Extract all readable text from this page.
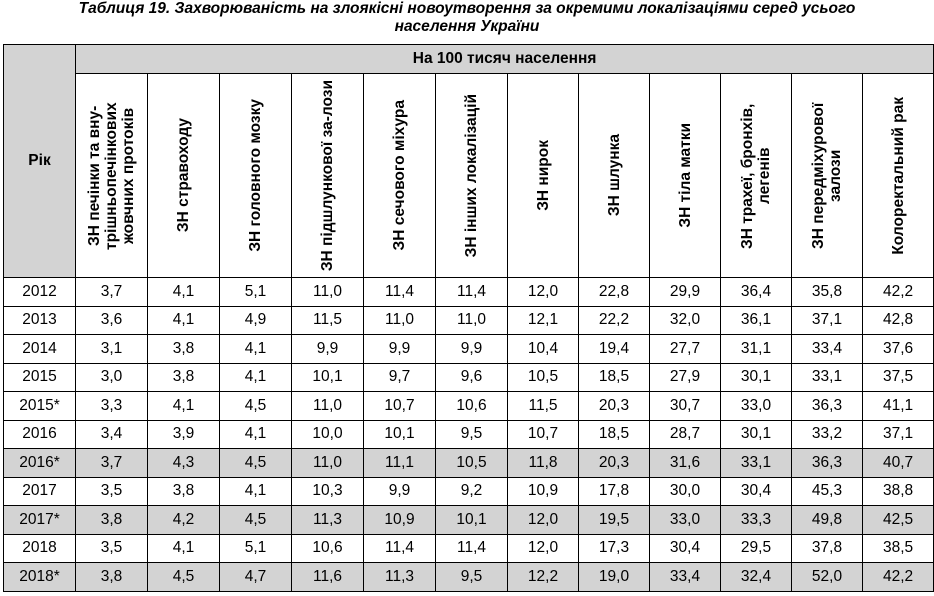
Таблиця 19. Захворюваність на злоякісні новоутворення за окремими локалізаціями серед усього
населення України
Рік	На 100 тисяч населення											

	ЗН печінки та вну-трішньопечінкових жовчних протоків	ЗН стравоходу	ЗН головного мозку	ЗН підшлункової за-лози	ЗН сечового міхура	ЗН інших локалізацій	ЗН нирок	ЗН шлунка	ЗН тіла матки	ЗН трахеї, бронхів, легенів	ЗН передміхурової залози	Колоректальний рак

2012	3,7	4,1	5,1	11,0	11,4	11,4	12,0	22,8	29,9	36,4	35,8	42,2
2013	3,6	4,1	4,9	11,5	11,0	11,0	12,1	22,2	32,0	36,1	37,1	42,8
2014	3,1	3,8	4,1	9,9	9,9	9,9	10,4	19,4	27,7	31,1	33,4	37,6
2015	3,0	3,8	4,1	10,1	9,7	9,6	10,5	18,5	27,9	30,1	33,1	37,5
2015*	3,3	4,1	4,5	11,0	10,7	10,6	11,5	20,3	30,7	33,0	36,3	41,1
2016	3,4	3,9	4,1	10,0	10,1	9,5	10,7	18,5	28,7	30,1	33,2	37,1
2016*	3,7	4,3	4,5	11,0	11,1	10,5	11,8	20,3	31,6	33,1	36,3	40,7
2017	3,5	3,8	4,1	10,3	9,9	9,2	10,9	17,8	30,0	30,4	45,3	38,8
2017*	3,8	4,2	4,5	11,3	10,9	10,1	12,0	19,5	33,0	33,3	49,8	42,5
2018	3,5	4,1	5,1	10,6	11,4	11,4	12,0	17,3	30,4	29,5	37,8	38,5
2018*	3,8	4,5	4,7	11,6	11,3	9,5	12,2	19,0	33,4	32,4	52,0	42,2
